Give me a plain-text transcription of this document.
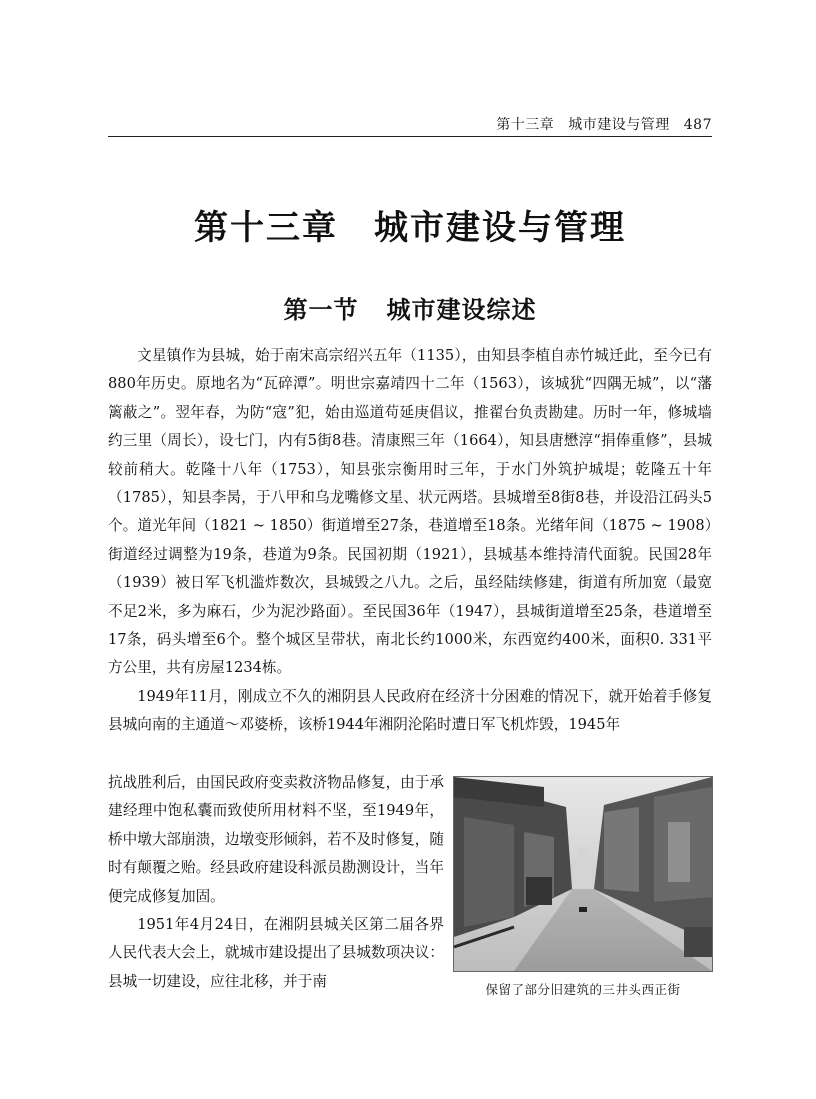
第十三章 城市建设与管理 487
第十三章 城市建设与管理
第一节 城市建设综述

文星镇作为县城，始于南宋高宗绍兴五年（1135），由知县李植自赤竹城迁此，至今已有880年历史。原地名为“瓦碎潭”。明世宗嘉靖四十二年（1563），该城犹“四隅无城”，以“藩篱蔽之”。翌年春，为防“寇”犯，始由巡道苟延庚倡议，推翟台负责勘建。历时一年，修城墙约三里（周长），设七门，内有5街8巷。清康熙三年（1664），知县唐懋淳“捐俸重修”，县城较前稍大。乾隆十八年（1753），知县张宗衡用时三年，于水门外筑护城堤；乾隆五十年（1785），知县李昺，于八甲和乌龙嘴修文星、状元两塔。县城增至8街8巷，并设沿江码头5个。道光年间（1821 ~ 1850）街道增至27条，巷道增至18条。光绪年间（1875 ~ 1908）街道经过调整为19条，巷道为9条。民国初期（1921），县城基本维持清代面貌。民国28年（1939）被日军飞机滥炸数次，县城毁之八九。之后，虽经陆续修建，街道有所加宽（最宽不足2米，多为麻石，少为泥沙路面）。至民国36年（1947），县城街道增至25条，巷道增至17条，码头增至6个。整个城区呈带状，南北长约1000米，东西宽约400米，面积0. 331平方公里，共有房屋1234栋。

1949年11月，刚成立不久的湘阴县人民政府在经济十分困难的情况下，就开始着手修复县城向南的主通道～邓婆桥，该桥1944年湘阴沦陷时遭日军飞机炸毁，1945年

抗战胜利后，由国民政府变卖救济物品修复，由于承建经理中饱私囊而致使所用材料不坚，至1949年，桥中墩大部崩溃，边墩变形倾斜，若不及时修复，随时有颠覆之贻。经县政府建设科派员勘测设计，当年便完成修复加固。

1951年4月24日，在湘阴县城关区第二届各界人民代表大会上，就城市建设提出了县城数项决议：县城一切建设，应往北移，并于南	保留了部分旧建筑的三井头西正街
